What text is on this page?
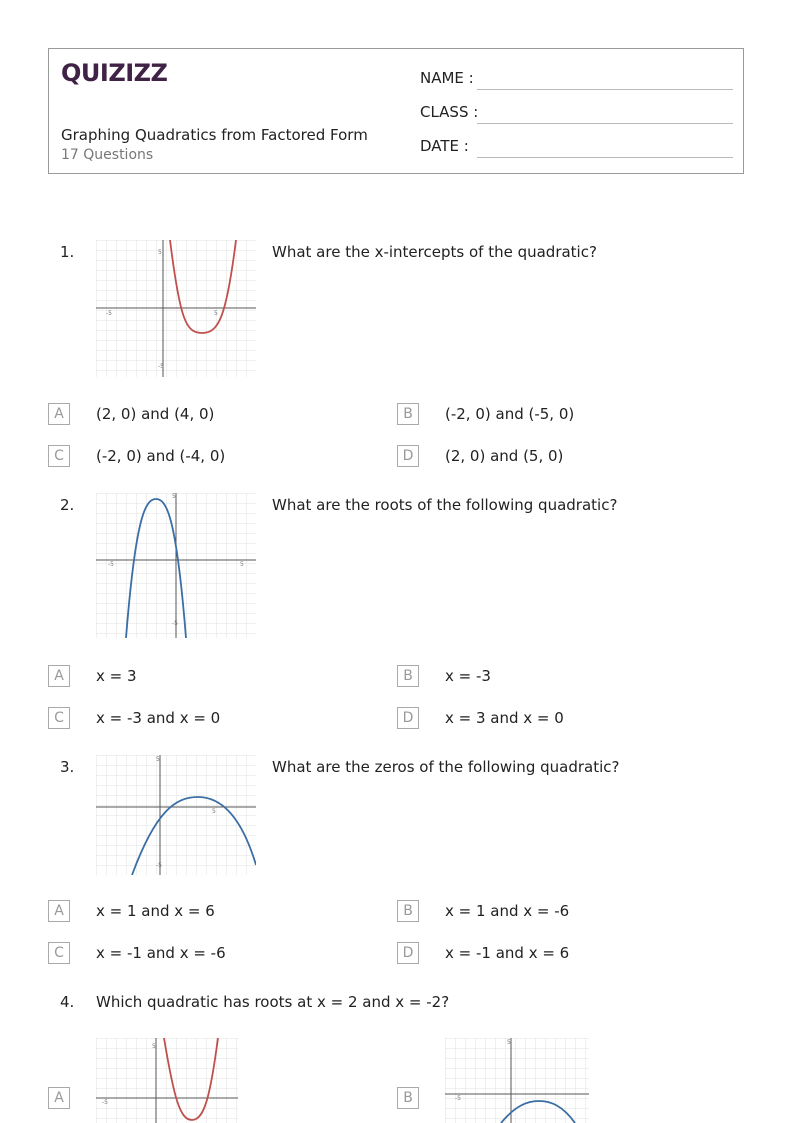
QUIZIZZ
Graphing Quadratics from Factored Form
17 Questions
NAME :
CLASS :
DATE :
1.
-5	5
5
-5
What are the x-intercepts of the quadratic?
A	(2, 0) and (4, 0)	B	(-2, 0) and (-5, 0)
C	(-2, 0) and (-4, 0)	D	(2, 0) and (5, 0)
2.
-5	5
5
-5
What are the roots of the following quadratic?
A	x = 3	B	x = -3
C	x = -3 and x = 0	D	x = 3 and x = 0
3.	5
5
-5
What are the zeros of the following quadratic?
A	x = 1 and x = 6	B	x = 1 and x = -6
C	x = -1 and x = -6	D	x = -1 and x = 6
4. Which quadratic has roots at x = 2 and x = -2?
A
5
-5	B
5
-5
